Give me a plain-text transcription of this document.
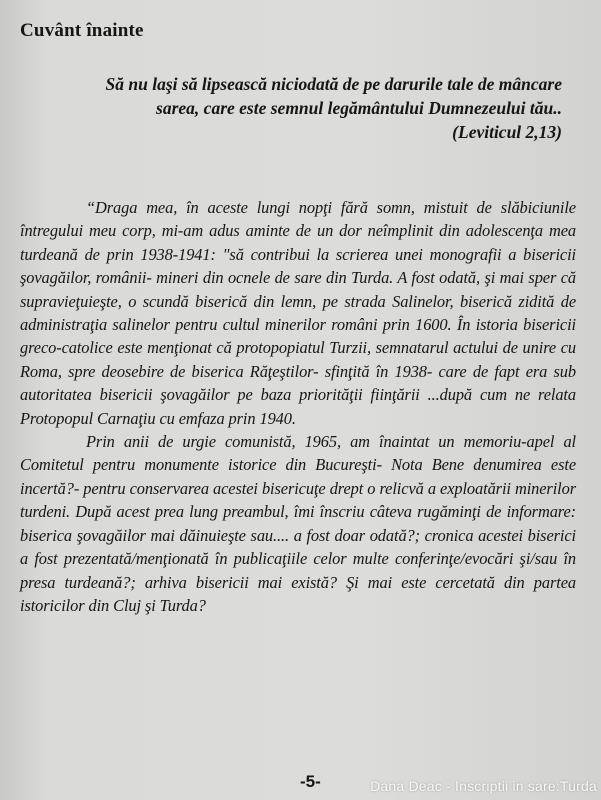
Cuvânt înainte
Să nu laşi să lipsească niciodată de pe darurile tale de mâncare sarea, care este semnul legământului Dumnezeului tău..
(Leviticul 2,13)

“Draga mea, în aceste lungi nopţi fără somn, mistuit de slăbiciunile întregului meu corp, mi-am adus aminte de un dor neîmplinit din adolescenţa mea turdeană de prin 1938-1941: "să contribui la scrierea unei monografii a bisericii şovagăilor, românii- mineri din ocnele de sare din Turda. A fost odată, şi mai sper că supravieţuieşte, o scundă biserică din lemn, pe strada Salinelor, biserică zidită de administraţia salinelor pentru cultul minerilor români prin 1600. În istoria bisericii greco-catolice este menţionat că protopopiatul Turzii, semnatarul actului de unire cu Roma, spre deosebire de biserica Răţeştilor- sfinţită în 1938- care de fapt era sub autoritatea bisericii şovagăilor pe baza priorităţii fiinţării ...după cum ne relata Protopopul Carnaţiu cu emfaza prin 1940.

Prin anii de urgie comunistă, 1965, am înaintat un memoriu-apel al Comitetul pentru monumente istorice din Bucureşti- Nota Bene denumirea este incertă?- pentru conservarea acestei bisericuţe drept o relicvă a exploatării minerilor turdeni. După acest prea lung preambul, îmi înscriu câteva rugăminţi de informare: biserica şovagăilor mai dăinuieşte sau.... a fost doar odată?; cronica acestei biserici a fost prezentată/menţionată în publicaţiile celor multe conferinţe/evocări şi/sau în presa turdeană?; arhiva bisericii mai există? Şi mai este cercetată din partea istoricilor din Cluj şi Turda?

-5-	Dana Deac - Inscriptii in sare:Turda
